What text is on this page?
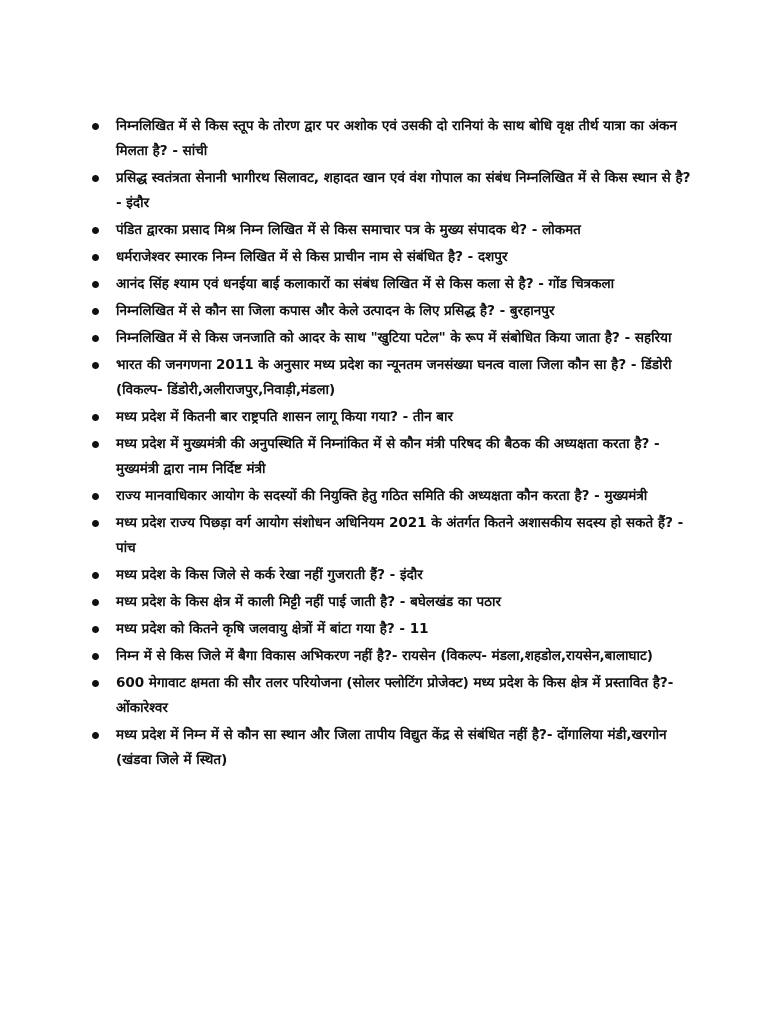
निम्नलिखित में से किस स्तूप के तोरण द्वार पर अशोक एवं उसकी दो रानियां के साथ बोधि वृक्ष तीर्थ यात्रा का अंकन मिलता है? - सांची
प्रसिद्ध स्वतंत्रता सेनानी भागीरथ सिलावट, शहादत खान एवं वंश गोपाल का संबंध निम्नलिखित में से किस स्थान से है? - इंदौर
पंडित द्वारका प्रसाद मिश्र निम्न लिखित में से किस समाचार पत्र के मुख्य संपादक थे? - लोकमत
धर्मराजेश्वर स्मारक निम्न लिखित में से किस प्राचीन नाम से संबंधित है? - दशपुर
आनंद सिंह श्याम एवं धनईया बाई कलाकारों का संबंध लिखित में से किस कला से है? - गोंड चित्रकला
निम्नलिखित में से कौन सा जिला कपास और केले उत्पादन के लिए प्रसिद्ध है? - बुरहानपुर
निम्नलिखित में से किस जनजाति को आदर के साथ "खुटिया पटेल" के रूप में संबोधित किया जाता है? - सहरिया
भारत की जनगणना 2011 के अनुसार मध्य प्रदेश का न्यूनतम जनसंख्या घनत्व वाला जिला कौन सा है? - डिंडोरी (विकल्प- डिंडोरी,अलीराजपुर,निवाड़ी,मंडला)
मध्य प्रदेश में कितनी बार राष्ट्रपति शासन लागू किया गया? - तीन बार
मध्य प्रदेश में मुख्यमंत्री की अनुपस्थिति में निम्नांकित में से कौन मंत्री परिषद की बैठक की अध्यक्षता करता है? - मुख्यमंत्री द्वारा नाम निर्दिष्ट मंत्री
राज्य मानवाधिकार आयोग के सदस्यों की नियुक्ति हेतु गठित समिति की अध्यक्षता कौन करता है? - मुख्यमंत्री
मध्य प्रदेश राज्य पिछड़ा वर्ग आयोग संशोधन अधिनियम 2021 के अंतर्गत कितने अशासकीय सदस्य हो सकते हैं? - पांच
मध्य प्रदेश के किस जिले से कर्क रेखा नहीं गुजराती हैं? - इंदौर
मध्य प्रदेश के किस क्षेत्र में काली मिट्टी नहीं पाई जाती है? - बघेलखंड का पठार
मध्य प्रदेश को कितने कृषि जलवायु क्षेत्रों में बांटा गया है? - 11
निम्न में से किस जिले में बैगा विकास अभिकरण नहीं है?- रायसेन (विकल्प- मंडला,शहडोल,रायसेन,बालाघाट)
600 मेगावाट क्षमता की सौर तलर परियोजना (सोलर फ्लोटिंग प्रोजेक्ट) मध्य प्रदेश के किस क्षेत्र में प्रस्तावित है?- ओंकारेश्वर
मध्य प्रदेश में निम्न में से कौन सा स्थान और जिला तापीय विद्युत केंद्र से संबंधित नहीं है?- दोंगालिया मंडी,खरगोन (खंडवा जिले में स्थित)
